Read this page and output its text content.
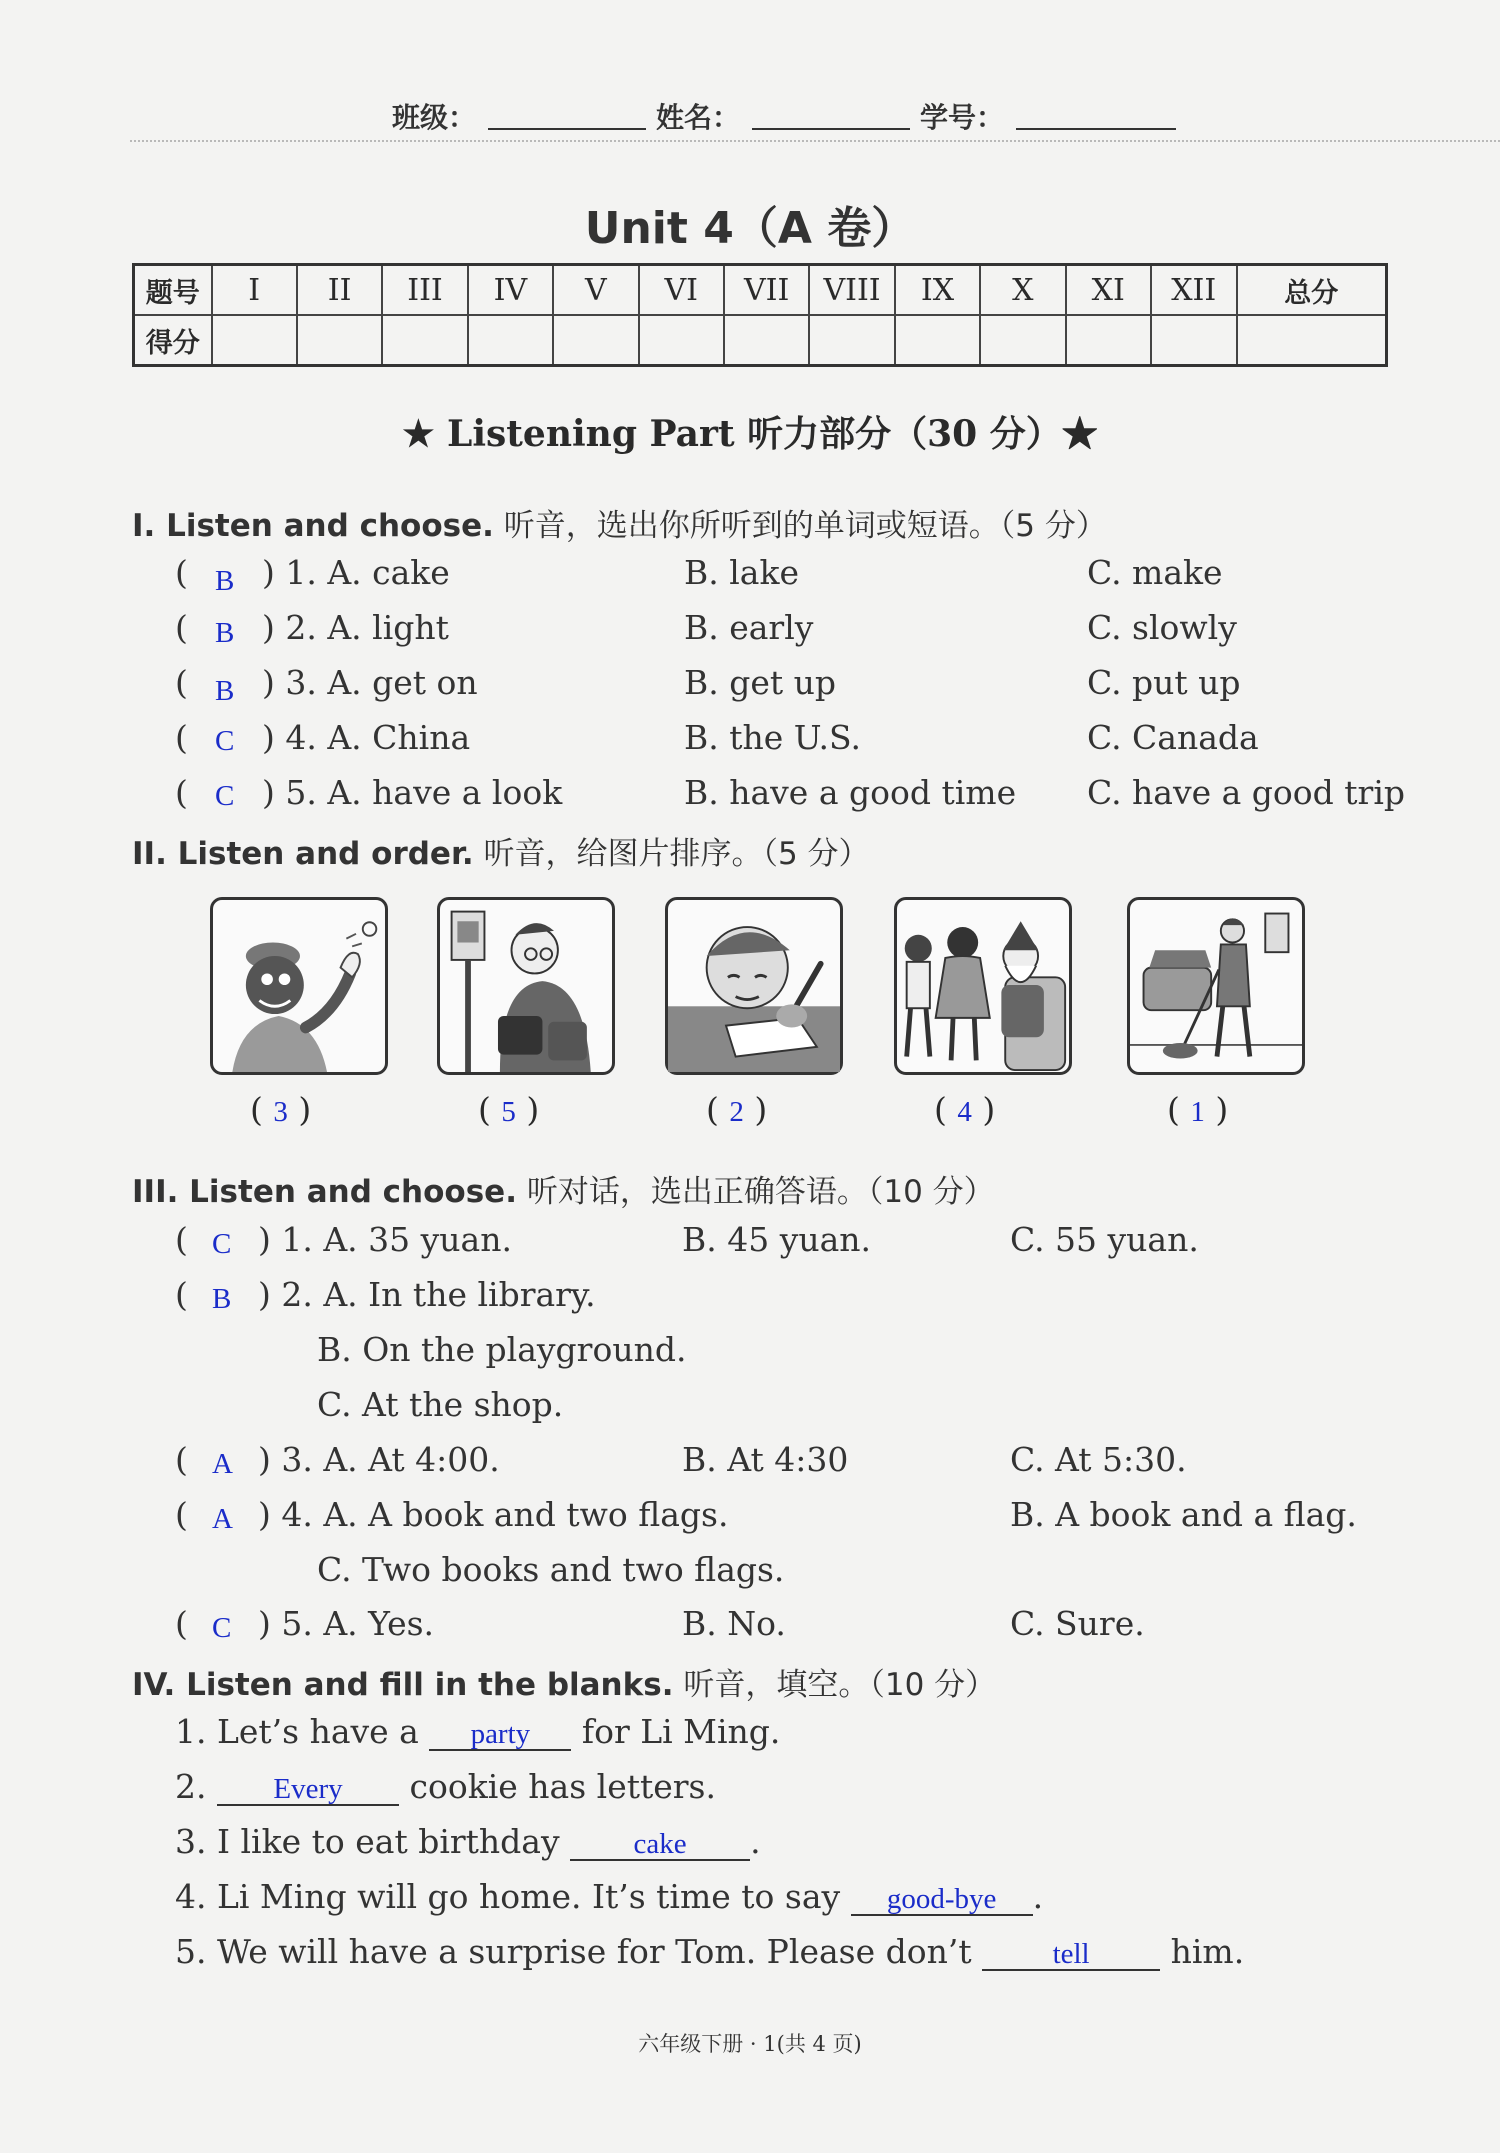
班级：	姓名：	学号：
Unit 4（A 卷）
题号	I	II	III	IV	V	VI	VII	VIII	IX	X	XI	XII	总分
得分													
★ Listening Part 听力部分（30 分）★
I. Listen and choose. 听音，选出你所听到的单词或短语。（5 分）
( B ) 1. A. cake	B. lake	C. make
( B ) 2. A. light	B. early	C. slowly
( B ) 3. A. get on	B. get up	C. put up
( C ) 4. A. China	B. the U.S.	C. Canada
( C ) 5. A. have a look	B. have a good time C. have a good trip
II. Listen and order. 听音，给图片排序。（5 分）
( 3 )	( 5 )	( 2 )	( 4 )	( 1 )
III. Listen and choose. 听对话，选出正确答语。（10 分）
( C ) 1. A. 35 yuan.	B. 45 yuan.	C. 55 yuan.
( B ) 2. A. In the library.
B. On the playground.
C. At the shop.
( A ) 3. A. At 4:00.	B. At 4:30	C. At 5:30.
( A ) 4. A. A book and two flags.	B. A book and a flag.
C. Two books and two flags.
( C ) 5. A. Yes.	B. No.	C. Sure.
IV. Listen and fill in the blanks. 听音，填空。（10 分）
1. Let’s have a party for Li Ming.
2. Every cookie has letters.
3. I like to eat birthday	cake .
4. Li Ming will go home. It’s time to say good-bye .
5. We will have a surprise for Tom. Please don’t	tell him.
六年级下册 · 1(共 4 页)
